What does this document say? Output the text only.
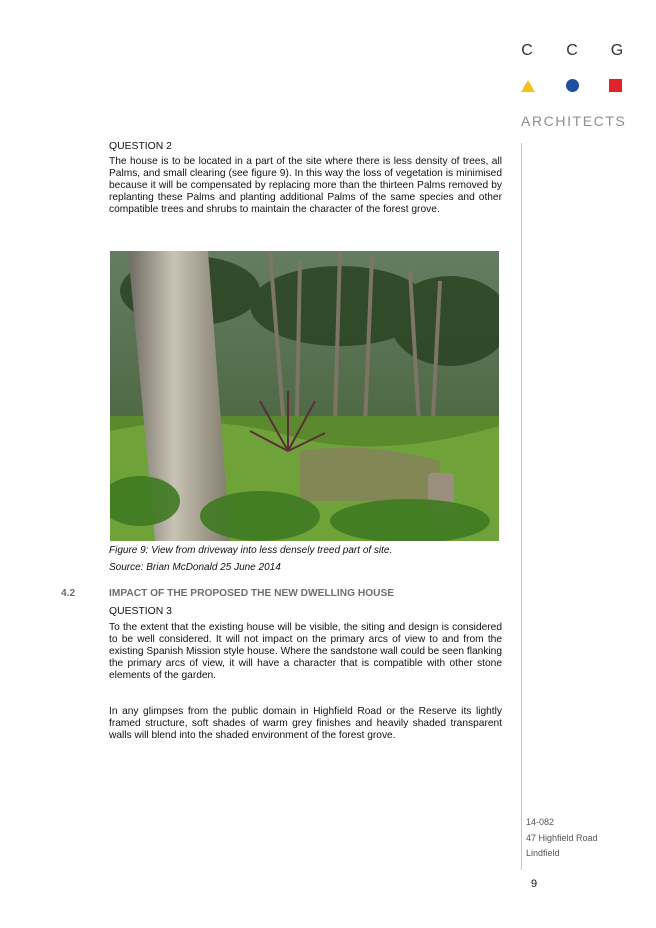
C C G
ARCHITECTS
QUESTION 2
The house is to be located in a part of the site where there is less density of trees, all Palms, and small clearing (see figure 9). In this way the loss of vegetation is minimised because it will be compensated by replacing more than the thirteen Palms removed by replanting these Palms and planting additional Palms of the same species and other compatible trees and shrubs to maintain the character of the forest grove.
Figure 9: View from driveway into less densely treed part of site.
Source: Brian McDonald 25 June 2014
4.2	IMPACT OF THE PROPOSED THE NEW DWELLING HOUSE
QUESTION 3
To the extent that the existing house will be visible, the siting and design is considered to be well considered. It will not impact on the primary arcs of view to and from the existing Spanish Mission style house. Where the sandstone wall could be seen flanking the primary arcs of view, it will have a character that is compatible with other stone elements of the garden.
In any glimpses from the public domain in Highfield Road or the Reserve its lightly framed structure, soft shades of warm grey finishes and heavily shaded transparent walls will blend into the shaded environment of the forest grove.
14-082
47 Highfield Road
Lindfield
9
